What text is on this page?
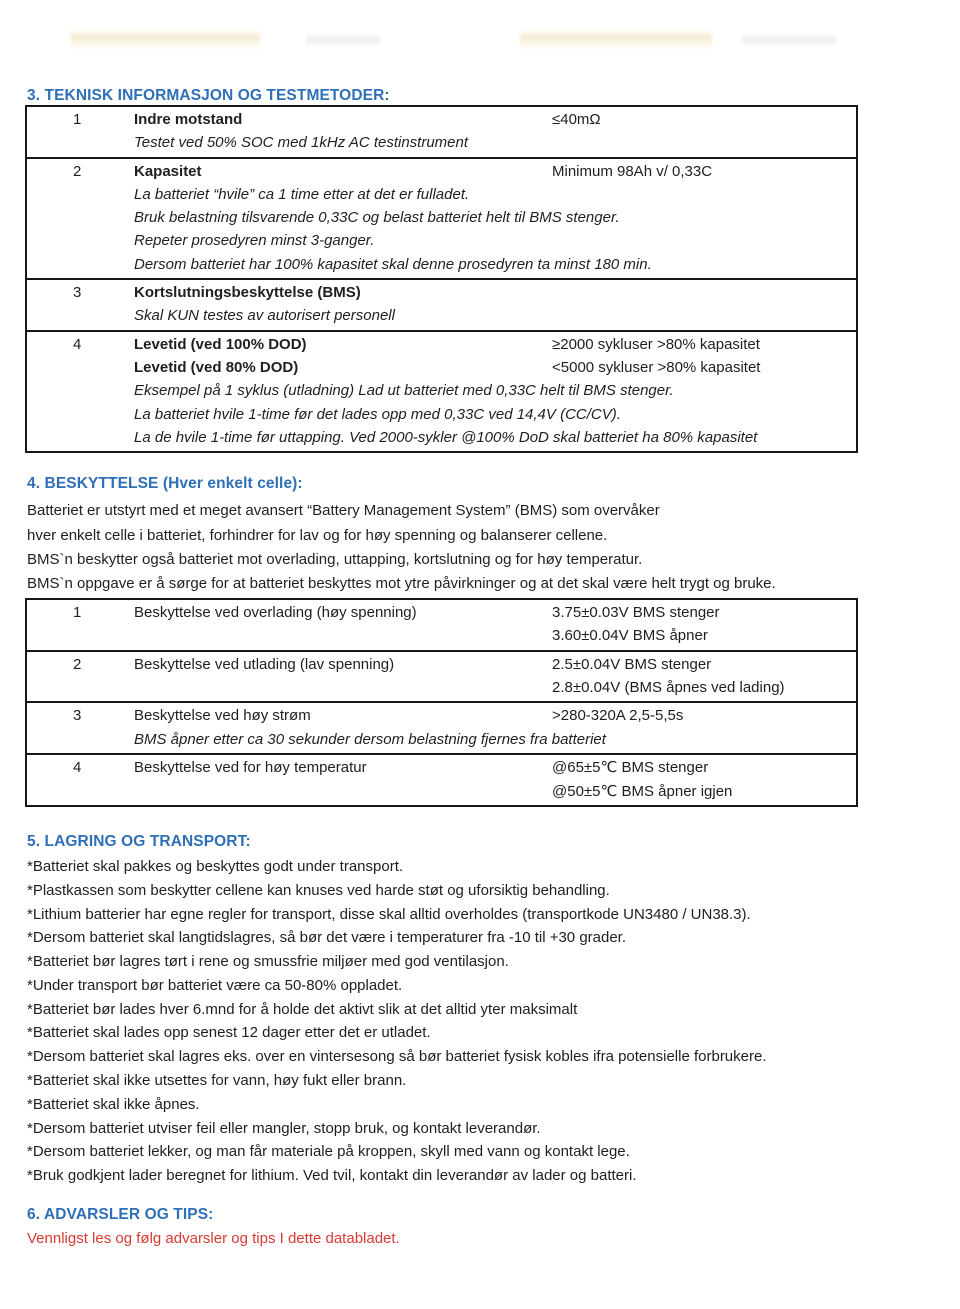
3. TEKNISK INFORMASJON OG TESTMETODER:
1	Indre motstand	≤40mΩ
Testet ved 50% SOC med 1kHz AC testinstrument
2	Kapasitet	Minimum 98Ah v/ 0,33C
La batteriet “hvile” ca 1 time etter at det er fulladet.
Bruk belastning tilsvarende 0,33C og belast batteriet helt til BMS stenger.
Repeter prosedyren minst 3-ganger.
Dersom batteriet har 100% kapasitet skal denne prosedyren ta minst 180 min.
3	Kortslutningsbeskyttelse (BMS)
Skal KUN testes av autorisert personell
4	Levetid (ved 100% DOD)	≥2000 sykluser >80% kapasitet
Levetid (ved 80% DOD)	<5000 sykluser >80% kapasitet
Eksempel på 1 syklus (utladning) Lad ut batteriet med 0,33C helt til BMS stenger.
La batteriet hvile 1-time før det lades opp med 0,33C ved 14,4V (CC/CV).
La de hvile 1-time før uttapping. Ved 2000-sykler @100% DoD skal batteriet ha 80% kapasitet
4. BESKYTTELSE (Hver enkelt celle):
Batteriet er utstyrt med et meget avansert “Battery Management System” (BMS) som overvåker
hver enkelt celle i batteriet, forhindrer for lav og for høy spenning og balanserer cellene.
BMS`n beskytter også batteriet mot overlading, uttapping, kortslutning og for høy temperatur.
BMS`n oppgave er å sørge for at batteriet beskyttes mot ytre påvirkninger og at det skal være helt trygt og bruke.
1	Beskyttelse ved overlading (høy spenning)	3.75±0.03V BMS stenger
3.60±0.04V BMS åpner
2	Beskyttelse ved utlading (lav spenning)	2.5±0.04V BMS stenger
2.8±0.04V (BMS åpnes ved lading)
3	Beskyttelse ved høy strøm	>280-320A 2,5-5,5s
BMS åpner etter ca 30 sekunder dersom belastning fjernes fra batteriet
4	Beskyttelse ved for høy temperatur	@65±5℃ BMS stenger
@50±5℃ BMS åpner igjen
5. LAGRING OG TRANSPORT:
*Batteriet skal pakkes og beskyttes godt under transport.
*Plastkassen som beskytter cellene kan knuses ved harde støt og uforsiktig behandling.
*Lithium batterier har egne regler for transport, disse skal alltid overholdes (transportkode UN3480 / UN38.3).
*Dersom batteriet skal langtidslagres, så bør det være i temperaturer fra -10 til +30 grader.
*Batteriet bør lagres tørt i rene og smussfrie miljøer med god ventilasjon.
*Under transport bør batteriet være ca 50-80% oppladet.
*Batteriet bør lades hver 6.mnd for å holde det aktivt slik at det alltid yter maksimalt
*Batteriet skal lades opp senest 12 dager etter det er utladet.
*Dersom batteriet skal lagres eks. over en vintersesong så bør batteriet fysisk kobles ifra potensielle forbrukere.
*Batteriet skal ikke utsettes for vann, høy fukt eller brann.
*Batteriet skal ikke åpnes.
*Dersom batteriet utviser feil eller mangler, stopp bruk, og kontakt leverandør.
*Dersom batteriet lekker, og man får materiale på kroppen, skyll med vann og kontakt lege.
*Bruk godkjent lader beregnet for lithium. Ved tvil, kontakt din leverandør av lader og batteri.
6. ADVARSLER OG TIPS:
Vennligst les og følg advarsler og tips I dette databladet.
